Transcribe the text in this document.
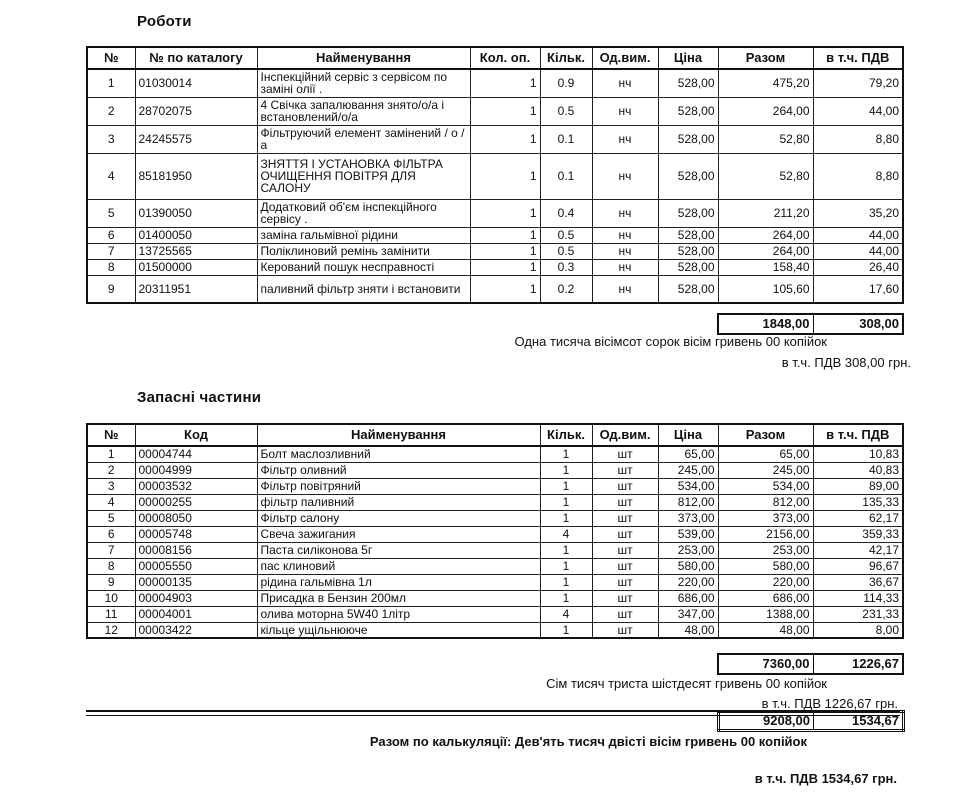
Роботи
№	№ по каталогу	Найменування	Кол. оп.	Кільк.	Од.вим.	Ціна	Разом	в т.ч. ПДВ
1	01030014	Інспекційний сервіс з сервісом по заміні олії .	1	0.9	нч	528,00	475,20	79,20
2	28702075	4 Свічка запалювання знято/о/а і встановлений/о/а	1	0.5	нч	528,00	264,00	44,00
3	24245575	Фільтруючий елемент замінений / о / а	1	0.1	нч	528,00	52,80	8,80
4	85181950	ЗНЯТТЯ І УСТАНОВКА ФІЛЬТРА ОЧИЩЕННЯ ПОВІТРЯ ДЛЯ САЛОНУ	1	0.1	нч	528,00	52,80	8,80
5	01390050	Додатковий об'єм інспекційного сервісу .	1	0.4	нч	528,00	211,20	35,20
6	01400050	заміна гальмівної рідини	1	0.5	нч	528,00	264,00	44,00
7	13725565	Поліклиновий ремінь замінити	1	0.5	нч	528,00	264,00	44,00
8	01500000	Керований пошук несправності	1	0.3	нч	528,00	158,40	26,40
9	20311951	паливний фільтр зняти і встановити	1	0.2	нч	528,00	105,60	17,60
1848,00	308,00
Одна тисяча вісімсот сорок вісім гривень 00 копійок
в т.ч. ПДВ 308,00 грн.
Запасні частини
№	Код	Найменування	Кільк.	Од.вим.	Ціна	Разом	в т.ч. ПДВ
1	00004744	Болт маслозливний	1	шт	65,00	65,00	10,83
2	00004999	Фільтр оливний	1	шт	245,00	245,00	40,83
3	00003532	Фільтр повітряний	1	шт	534,00	534,00	89,00
4	00000255	фільтр паливний	1	шт	812,00	812,00	135,33
5	00008050	Фільтр салону	1	шт	373,00	373,00	62,17
6	00005748	Свеча зажигания	4	шт	539,00	2156,00	359,33
7	00008156	Паста силіконова 5г	1	шт	253,00	253,00	42,17
8	00005550	пас клиновий	1	шт	580,00	580,00	96,67
9	00000135	рідина гальмівна 1л	1	шт	220,00	220,00	36,67
10	00004903	Присадка в Бензин 200мл	1	шт	686,00	686,00	114,33
11	00004001	олива моторна 5W40 1літр	4	шт	347,00	1388,00	231,33
12	00003422	кільце ущільнююче	1	шт	48,00	48,00	8,00
7360,00	1226,67
Сім тисяч триста шістдесят гривень 00 копійок
в т.ч. ПДВ 1226,67 грн.
9208,00	1534,67
Разом по калькуляції: Дев'ять тисяч двісті вісім гривень 00 копійок
в т.ч. ПДВ 1534,67 грн.
